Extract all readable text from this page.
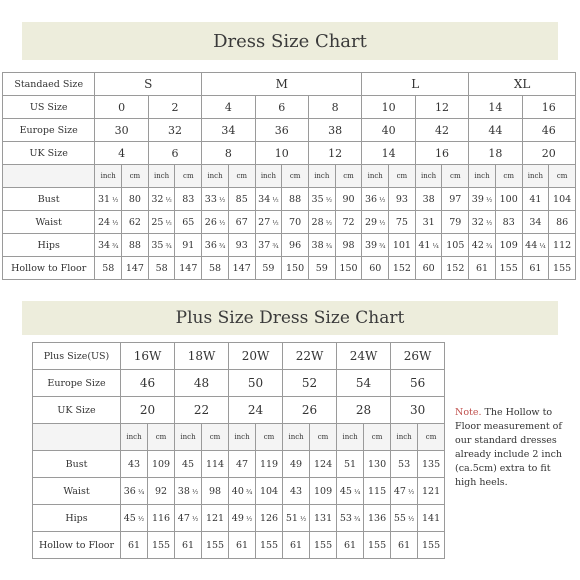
Dress Size Chart
Standaed Size	S				M						L				XL			
US Size	0		2		4		6		8		10		12		14		16	
Europe Size	30		32		34		36		38		40		42		44		46	
UK Size	4		6		8		10		12		14		16		18		20	
	inch	cm	inch	cm	inch	cm	inch	cm	inch	cm	inch	cm	inch	cm	inch	cm	inch	cm
Bust	31 ½	80	32 ½	83	33 ½	85	34 ½	88	35 ½	90	36 ½	93	38	97	39 ½	100	41	104
Waist	24 ½	62	25 ½	65	26 ½	67	27 ½	70	28 ½	72	29 ½	75	31	79	32 ½	83	34	86
Hips	34 ¾	88	35 ¾	91	36 ¾	93	37 ¾	96	38 ¾	98	39 ¾	101	41 ¼	105	42 ¾	109	44 ¼	112
Hollow to Floor	58	147	58	147	58	147	59	150	59	150	60	152	60	152	61	155	61	155
Plus Size Dress Size Chart
Plus Size(US)	16W		18W		20W		22W		24W		26W	
Europe Size	46		48		50		52		54		56	
UK Size	20		22		24		26		28		30	
	inch	cm	inch	cm	inch	cm	inch	cm	inch	cm	inch	cm
Bust	43	109	45	114	47	119	49	124	51	130	53	135
Waist	36 ¼	92	38 ½	98	40 ¾	104	43	109	45 ¼	115	47 ½	121
Hips	45 ½	116	47 ½	121	49 ½	126	51 ½	131	53 ¾	136	55 ½	141
Hollow to Floor	61	155	61	155	61	155	61	155	61	155	61	155
Note. The Hollow to Floor measurement of our standard dresses already include 2 inch (ca.5cm) extra to fit high heels.
